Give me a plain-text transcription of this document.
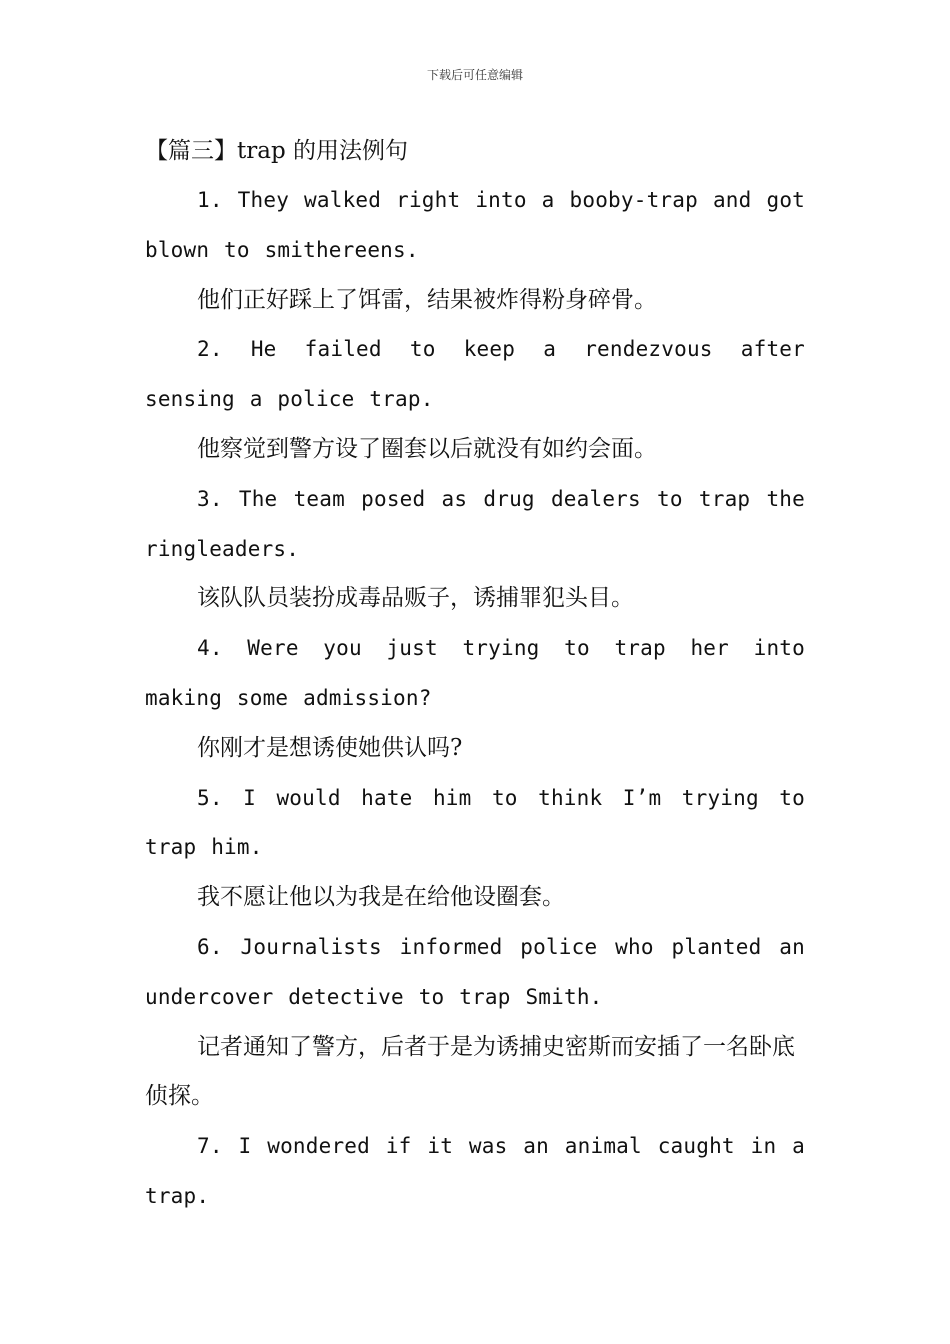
下载后可任意编辑
【篇三】trap 的用法例句

1. They walked right into a booby-trap and got blown to smithereens.

他们正好踩上了饵雷，结果被炸得粉身碎骨。

2. He failed to keep a rendezvous after sensing a police trap.

他察觉到警方设了圈套以后就没有如约会面。

3. The team posed as drug dealers to trap the ringleaders.

该队队员装扮成毒品贩子，诱捕罪犯头目。

4. Were you just trying to trap her into making some admission?

你刚才是想诱使她供认吗?

5. I would hate him to think I’m trying to trap him.

我不愿让他以为我是在给他设圈套。

6. Journalists informed police who planted an undercover detective to trap Smith.

记者通知了警方，后者于是为诱捕史密斯而安插了一名卧底侦探。

7. I wondered if it was an animal caught in a trap.
